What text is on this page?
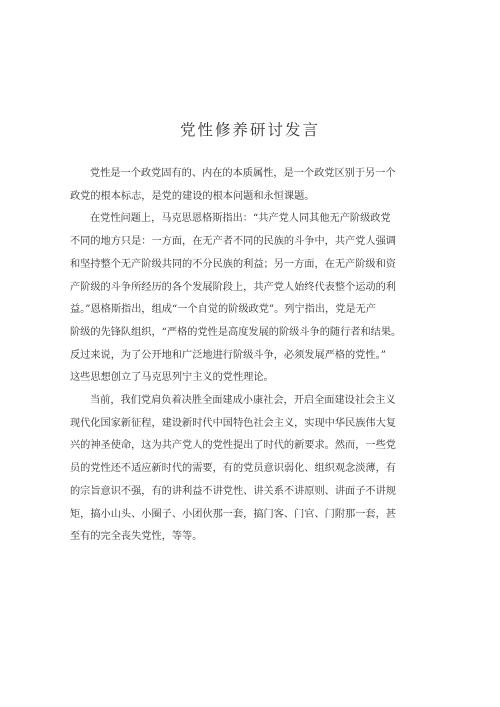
党性修养研讨发言

党性是一个政党固有的、内在的本质属性，是一个政党区别于另一个
政党的根本标志，是党的建设的根本问题和永恒课题。

在党性问题上，马克思恩格斯指出：“共产党人同其他无产阶级政党
不同的地方只是：一方面，在无产者不同的民族的斗争中，共产党人强调
和坚持整个无产阶级共同的不分民族的利益；另一方面，在无产阶级和资
产阶级的斗争所经历的各个发展阶段上，共产党人始终代表整个运动的利
益。”恩格斯指出，组成“一个自觉的阶级政党”。列宁指出，党是无产
阶级的先锋队组织，“严格的党性是高度发展的阶级斗争的随行者和结果。
反过来说，为了公开地和广泛地进行阶级斗争，必须发展严格的党性。”
这些思想创立了马克思列宁主义的党性理论。

当前，我们党肩负着决胜全面建成小康社会，开启全面建设社会主义
现代化国家新征程，建设新时代中国特色社会主义，实现中华民族伟大复
兴的神圣使命，这为共产党人的党性提出了时代的新要求。然而，一些党
员的党性还不适应新时代的需要，有的党员意识弱化、组织观念淡薄，有
的宗旨意识不强，有的讲利益不讲党性、讲关系不讲原则、讲面子不讲规
矩，搞小山头、小圈子、小团伙那一套，搞门客、门官、门附那一套，甚
至有的完全丧失党性，等等。
